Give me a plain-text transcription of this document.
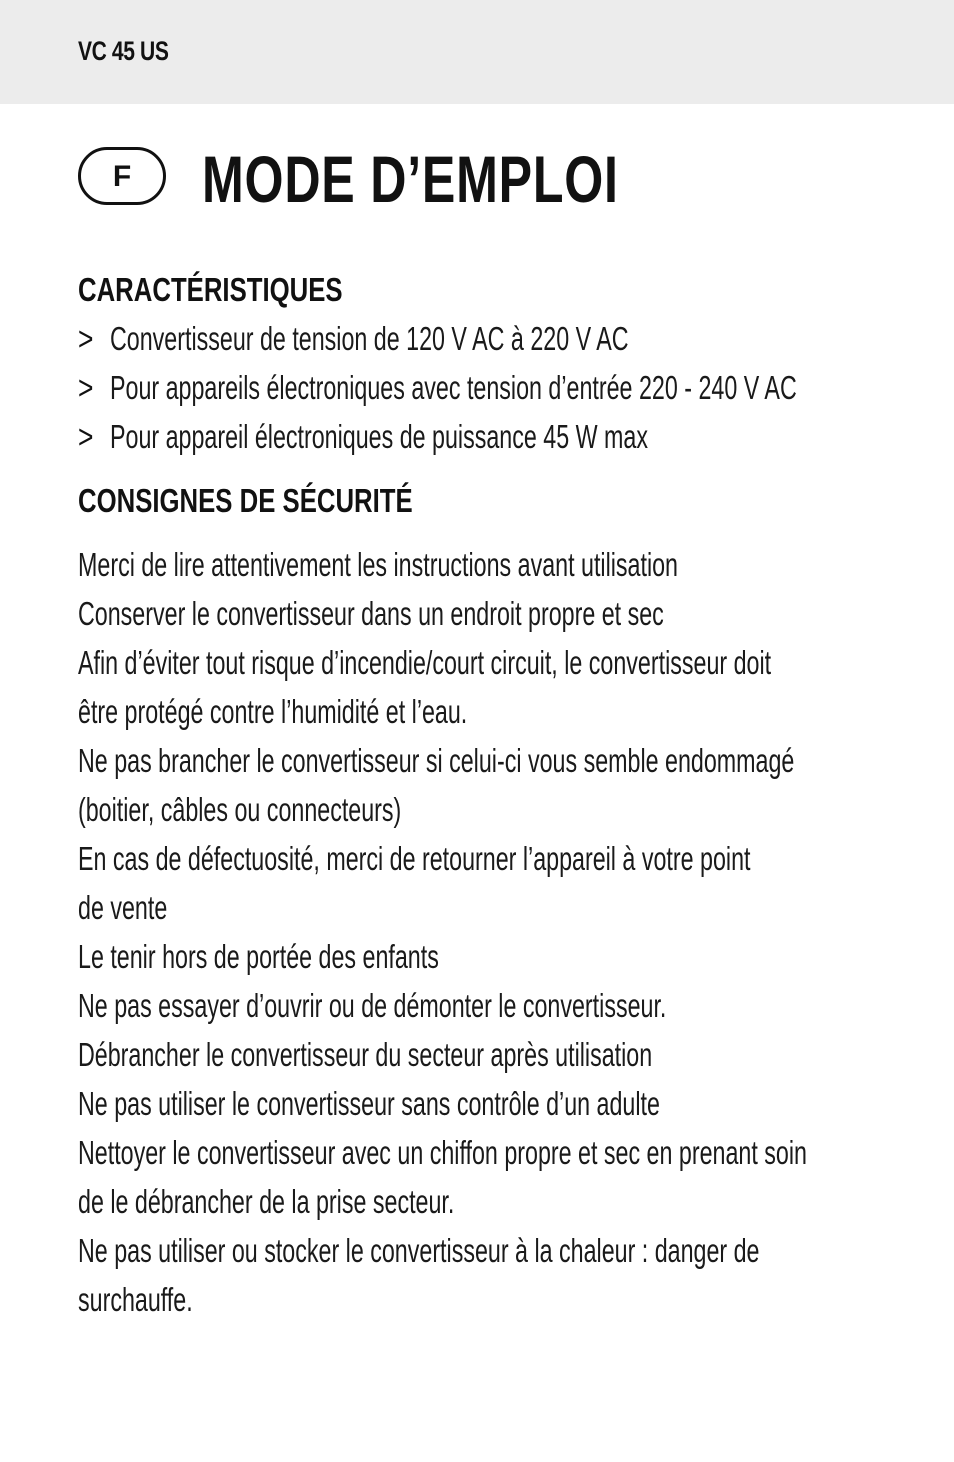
VC 45 US
F	MODE D’EMPLOI
CARACTÉRISTIQUES
> Convertisseur de tension de 120 V AC à 220 V AC
> Pour appareils électroniques avec tension d’entrée 220 - 240 V AC
> Pour appareil électroniques de puissance 45 W max
CONSIGNES DE SÉCURITÉ
Merci de lire attentivement les instructions avant utilisation
Conserver le convertisseur dans un endroit propre et sec
Afin d’éviter tout risque d’incendie/court circuit, le convertisseur doit
être protégé contre l’humidité et l’eau.
Ne pas brancher le convertisseur si celui-ci vous semble endommagé
(boitier, câbles ou connecteurs)
En cas de défectuosité, merci de retourner l’appareil à votre point
de vente
Le tenir hors de portée des enfants
Ne pas essayer d’ouvrir ou de démonter le convertisseur.
Débrancher le convertisseur du secteur après utilisation
Ne pas utiliser le convertisseur sans contrôle d’un adulte
Nettoyer le convertisseur avec un chiffon propre et sec en prenant soin
de le débrancher de la prise secteur.
Ne pas utiliser ou stocker le convertisseur à la chaleur : danger de
surchauffe.
